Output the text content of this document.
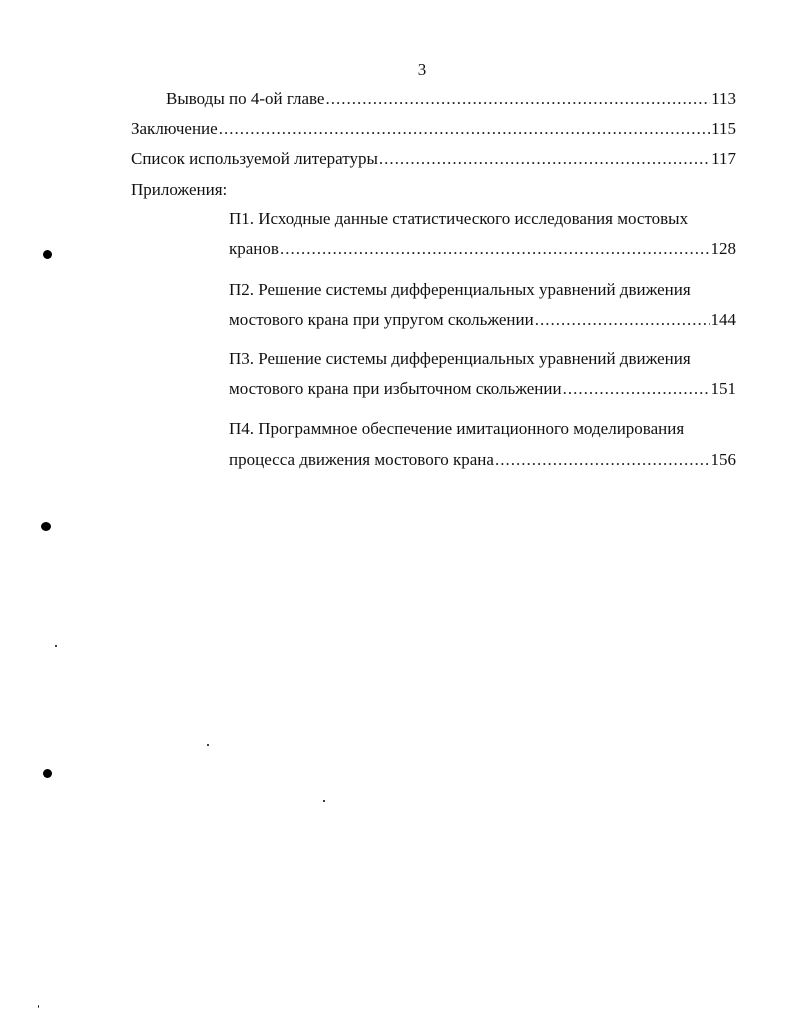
3
Выводы по 4-ой главе .....	113
Заключение .....	115
Список используемой литературы .....	117
Приложения:
П1. Исходные данные статистического исследования мостовых
кранов .....	128
П2. Решение системы дифференциальных уравнений движения
мостового крана при упругом скольжении .....	144
П3. Решение системы дифференциальных уравнений движения
мостового крана при избыточном скольжении .....	151
П4. Программное обеспечение имитационного моделирования
процесса движения мостового крана .....	156
